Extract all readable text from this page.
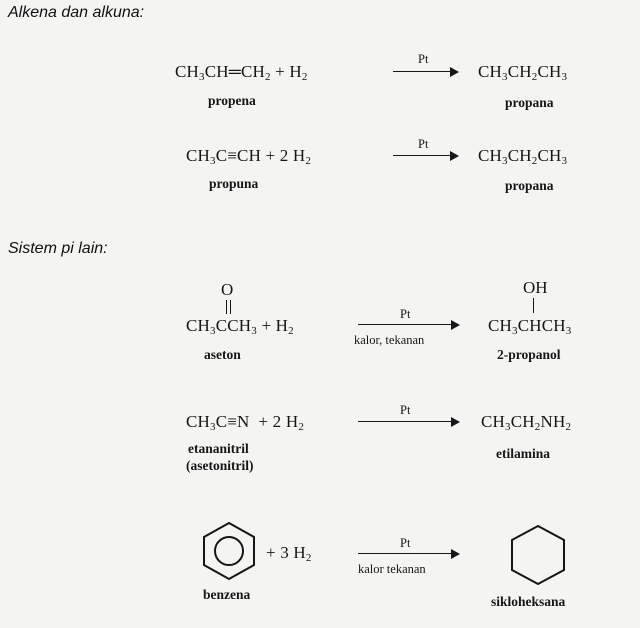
Alkena dan alkuna:
Sistem pi lain:
$CH_3CH═CH_2 + H_2$
propena
Pt
$CH_3CH_2CH_3$
propana
$CH_3C\equiv CH + 2$ $H_2$
propuna
Pt
$CH_3CH_2CH_3$
propana
O
$CH_3CCH_3 + H_2$
aseton
Pt
kalor, tekanan
OH
$CH_3CHCH_3$
2-propanol
$CH_3C\equiv N + 2$ $H_2$
etananitril
(asetonitril)
Pt
$CH_3CH_2NH_2$
etilamina
+ 3 $H_2$
benzena
Pt
kalor tekanan
sikloheksana
